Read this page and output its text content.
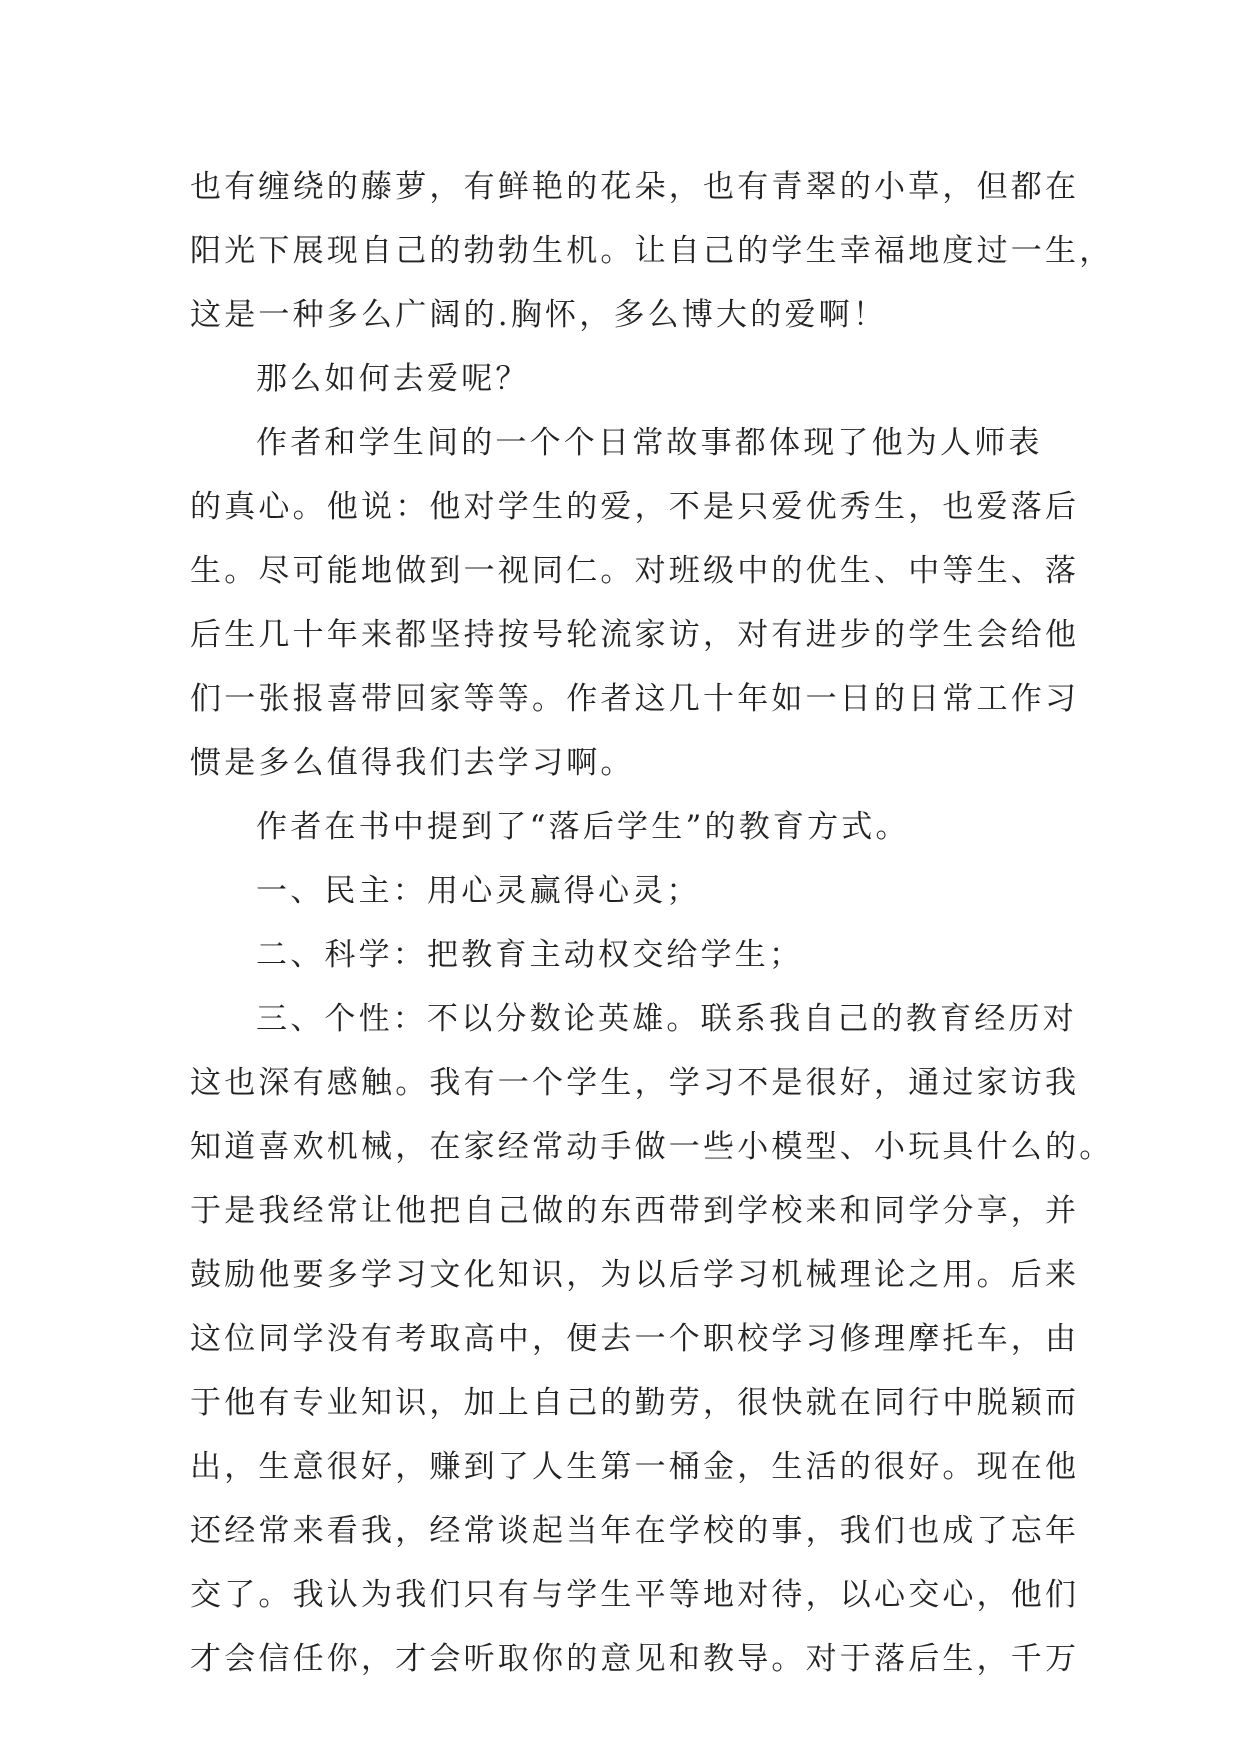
也有缠绕的藤萝，有鲜艳的花朵，也有青翠的小草，但都在
阳光下展现自己的勃勃生机。让自己的学生幸福地度过一生，
这是一种多么广阔的.胸怀，多么博大的爱啊！
那么如何去爱呢？
作者和学生间的一个个日常故事都体现了他为人师表
的真心。他说：他对学生的爱，不是只爱优秀生，也爱落后
生。尽可能地做到一视同仁。对班级中的优生、中等生、落
后生几十年来都坚持按号轮流家访，对有进步的学生会给他
们一张报喜带回家等等。作者这几十年如一日的日常工作习
惯是多么值得我们去学习啊。
作者在书中提到了“落后学生”的教育方式。
一、民主：用心灵赢得心灵；
二、科学：把教育主动权交给学生；
三、个性：不以分数论英雄。联系我自己的教育经历对
这也深有感触。我有一个学生，学习不是很好，通过家访我
知道喜欢机械，在家经常动手做一些小模型、小玩具什么的。
于是我经常让他把自己做的东西带到学校来和同学分享，并
鼓励他要多学习文化知识，为以后学习机械理论之用。后来
这位同学没有考取高中，便去一个职校学习修理摩托车，由
于他有专业知识，加上自己的勤劳，很快就在同行中脱颖而
出，生意很好，赚到了人生第一桶金，生活的很好。现在他
还经常来看我，经常谈起当年在学校的事，我们也成了忘年
交了。我认为我们只有与学生平等地对待，以心交心，他们
才会信任你，才会听取你的意见和教导。对于落后生，千万
